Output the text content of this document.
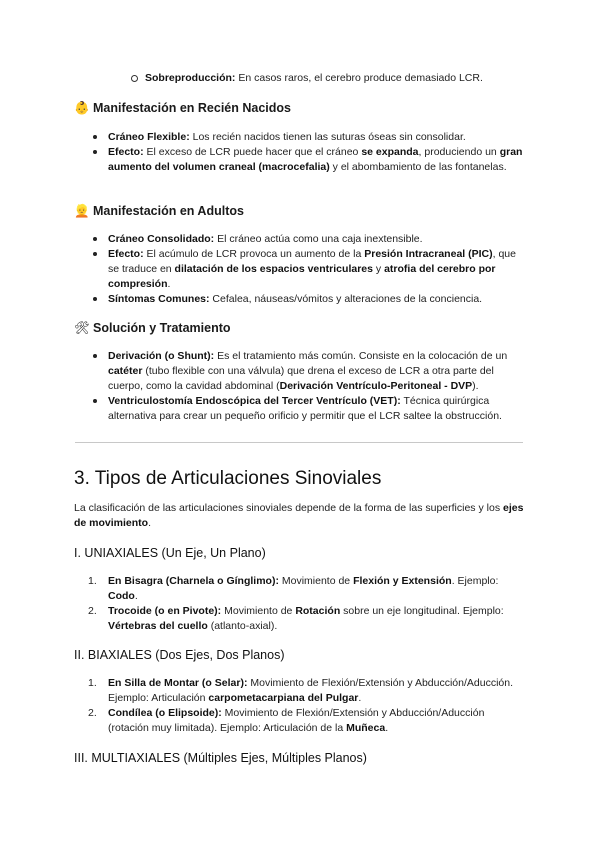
Sobreproducción: En casos raros, el cerebro produce demasiado LCR.
👶 Manifestación en Recién Nacidos
Cráneo Flexible: Los recién nacidos tienen las suturas óseas sin consolidar.
Efecto: El exceso de LCR puede hacer que el cráneo se expanda, produciendo un gran aumento del volumen craneal (macrocefalia) y el abombamiento de las fontanelas.
👱 Manifestación en Adultos
Cráneo Consolidado: El cráneo actúa como una caja inextensible.
Efecto: El acúmulo de LCR provoca un aumento de la Presión Intracraneal (PIC), que se traduce en dilatación de los espacios ventriculares y atrofia del cerebro por compresión.
Síntomas Comunes: Cefalea, náuseas/vómitos y alteraciones de la conciencia.
🛠 Solución y Tratamiento
Derivación (o Shunt): Es el tratamiento más común. Consiste en la colocación de un catéter (tubo flexible con una válvula) que drena el exceso de LCR a otra parte del cuerpo, como la cavidad abdominal (Derivación Ventrículo-Peritoneal - DVP).
Ventriculostomía Endoscópica del Tercer Ventrículo (VET): Técnica quirúrgica alternativa para crear un pequeño orificio y permitir que el LCR saltee la obstrucción.
3. Tipos de Articulaciones Sinoviales

La clasificación de las articulaciones sinoviales depende de la forma de las superficies y los ejes de movimiento.

I. UNIAXIALES (Un Eje, Un Plano)
1. En Bisagra (Charnela o Gínglimo): Movimiento de Flexión y Extensión. Ejemplo: Codo.
2. Trocoide (o en Pivote): Movimiento de Rotación sobre un eje longitudinal. Ejemplo: Vértebras del cuello (atlanto-axial).
II. BIAXIALES (Dos Ejes, Dos Planos)
1. En Silla de Montar (o Selar): Movimiento de Flexión/Extensión y Abducción/Aducción. Ejemplo: Articulación carpometacarpiana del Pulgar.
2. Condílea (o Elipsoide): Movimiento de Flexión/Extensión y Abducción/Aducción (rotación muy limitada). Ejemplo: Articulación de la Muñeca.
III. MULTIAXIALES (Múltiples Ejes, Múltiples Planos)
